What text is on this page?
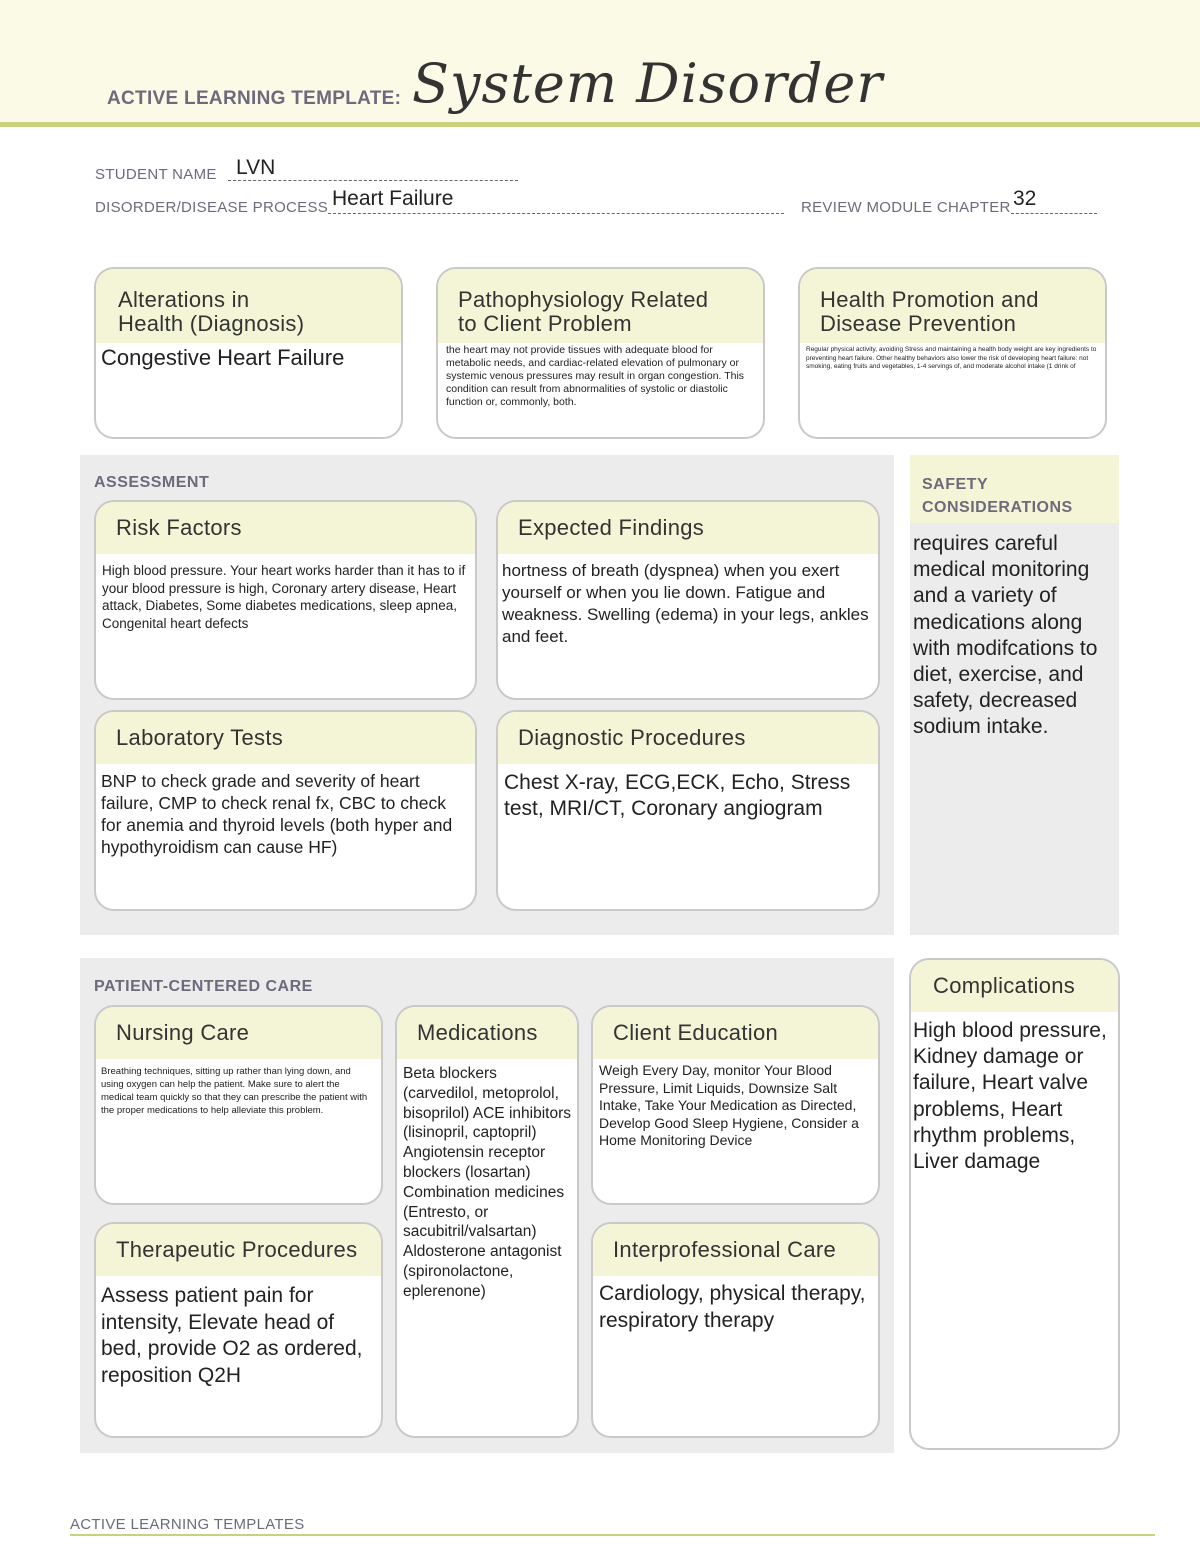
ACTIVE LEARNING TEMPLATE: System Disorder
STUDENT NAME LVN
DISORDER/DISEASE PROCESS Heart Failure	REVIEW MODULE CHAPTER 32
Alterations in
Health (Diagnosis)
Congestive Heart Failure
Pathophysiology Related
to Client Problem
the heart may not provide tissues with adequate blood for metabolic needs, and cardiac-related elevation of pulmonary or systemic venous pressures may result in organ congestion. This condition can result from abnormalities of systolic or diastolic function or, commonly, both.
Health Promotion and
Disease Prevention
Regular physical activity, avoiding Stress and maintaining a health body weight are key ingredients to preventing heart failure. Other healthy behaviors also lower the risk of developing heart failure: not smoking, eating fruits and vegetables, 1-4 servings of, and moderate alcohol intake (1 drink of
ASSESSMENT
Risk Factors
High blood pressure. Your heart works harder than it has to if your blood pressure is high, Coronary artery disease, Heart attack, Diabetes, Some diabetes medications, sleep apnea, Congenital heart defects
Expected Findings
hortness of breath (dyspnea) when you exert yourself or when you lie down. Fatigue and weakness. Swelling (edema) in your legs, ankles and feet.
Laboratory Tests
BNP to check grade and severity of heart failure, CMP to check renal fx, CBC to check for anemia and thyroid levels (both hyper and hypothyroidism can cause HF)
Diagnostic Procedures
Chest X-ray, ECG,ECK, Echo, Stress test, MRI/CT, Coronary angiogram
SAFETY
CONSIDERATIONS
requires careful medical monitoring and a variety of medications along with modifcations to diet, exercise, and safety, decreased sodium intake.
PATIENT-CENTERED CARE
Nursing Care
Breathing techniques, sitting up rather than lying down, and using oxygen can help the patient. Make sure to alert the medical team quickly so that they can prescribe the patient with the proper medications to help alleviate this problem.
Medications
Beta blockers (carvedilol, metoprolol, bisoprilol) ACE inhibitors (lisinopril, captopril) Angiotensin receptor blockers (losartan) Combination medicines (Entresto, or sacubitril/valsartan) Aldosterone antagonist (spironolactone, eplerenone)
Client Education
Weigh Every Day, monitor Your Blood Pressure, Limit Liquids, Downsize Salt Intake, Take Your Medication as Directed, Develop Good Sleep Hygiene, Consider a Home Monitoring Device
Therapeutic Procedures
Assess patient pain for intensity, Elevate head of bed, provide O2 as ordered, reposition Q2H
Interprofessional Care
Cardiology, physical therapy, respiratory therapy
Complications
High blood pressure, Kidney damage or failure, Heart valve problems, Heart rhythm problems, Liver damage
ACTIVE LEARNING TEMPLATES
